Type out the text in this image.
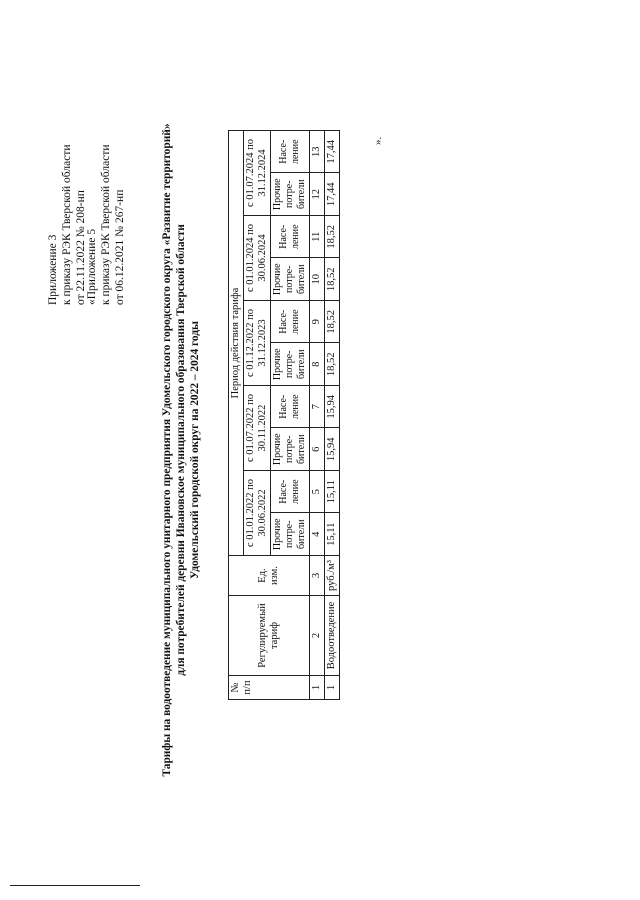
Приложение 3 к приказу РЭК Тверской области от 22.11.2022 № 208-нп «Приложение 5 к приказу РЭК Тверской области от 06.12.2021 № 267-нп	Тарифы на водоотведение муниципального унитарного предприятия Удомельского городского округа «Развитие территорий» для потребителей деревни Ивановское муниципального образования Тверской области Удомельский городской округ на 2022 – 2024 годы
№ п/п	Регулируемый тариф	Ед. изм.	Период действия тарифа									
			с 01.01.2022 по 30.06.2022		с 01.07.2022 по 30.11.2022		с 01.12.2022 по 31.12.2023		с 01.01.2024 по 30.06.2024		с 01.07.2024 по 31.12.2024	
			Прочие потре- бители	Насе- ление	Прочие потре- бители	Насе- ление	Прочие потре- бители	Насе- ление	Прочие потре- бители	Насе- ление	Прочие потре- бители	Насе- ление
1	2	3	4	5	6	7	8	9	10	11	12	13
1	Водоотведение	руб./м³	15,11	15,11	15,94	15,94	18,52	18,52	18,52	18,52	17,44	17,44	».
